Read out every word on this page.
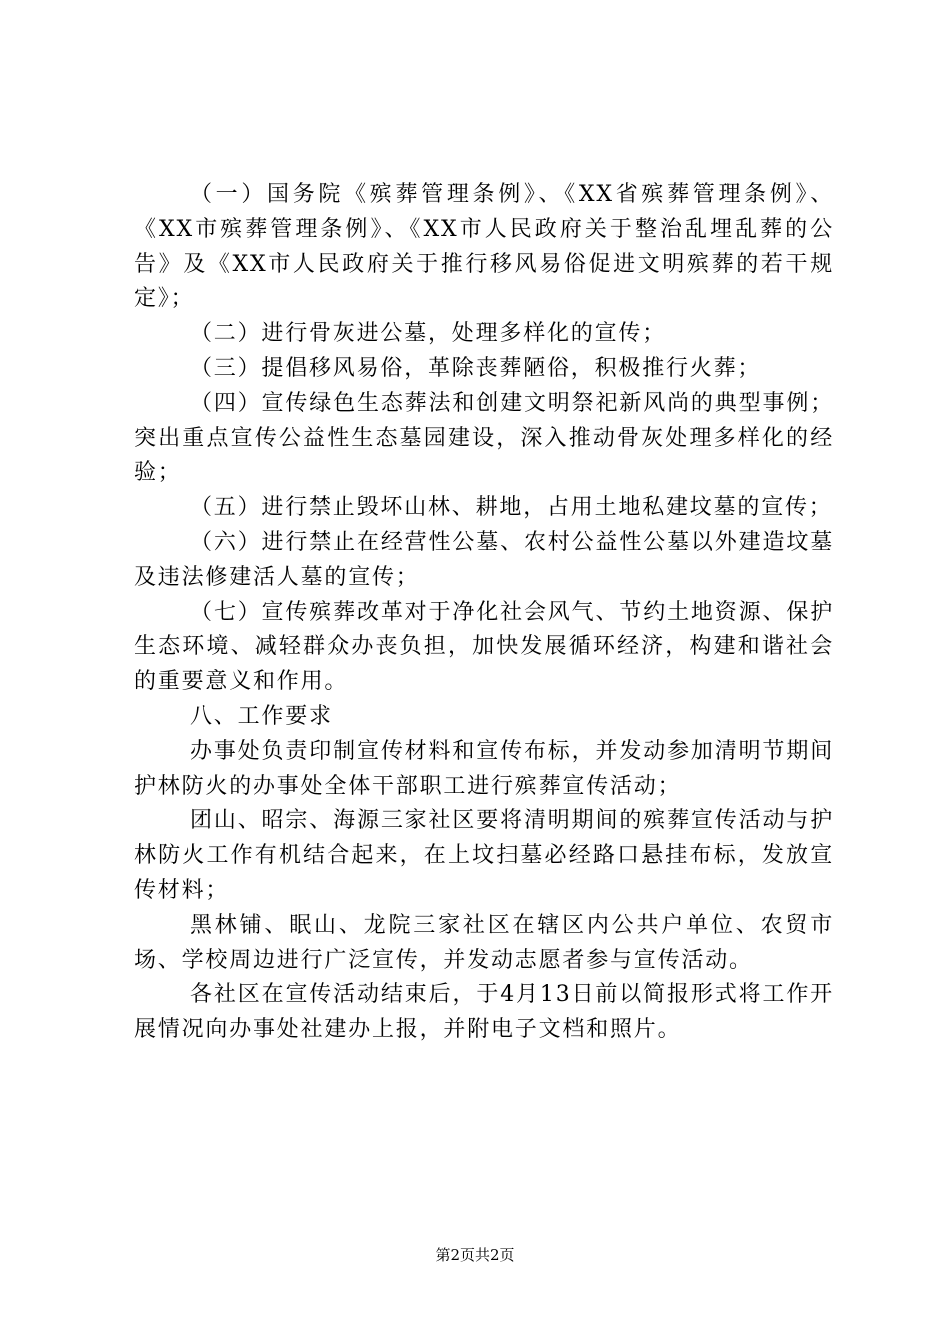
（一）国务院《殡葬管理条例》、《XX省殡葬管理条例》、《XX市殡葬管理条例》、《XX市人民政府关于整治乱埋乱葬的公告》及《XX市人民政府关于推行移风易俗促进文明殡葬的若干规定》；

（二）进行骨灰进公墓，处理多样化的宣传；

（三）提倡移风易俗，革除丧葬陋俗，积极推行火葬；

（四）宣传绿色生态葬法和创建文明祭祀新风尚的典型事例；突出重点宣传公益性生态墓园建设，深入推动骨灰处理多样化的经验；

（五）进行禁止毁坏山林、耕地，占用土地私建坟墓的宣传；

（六）进行禁止在经营性公墓、农村公益性公墓以外建造坟墓及违法修建活人墓的宣传；

（七）宣传殡葬改革对于净化社会风气、节约土地资源、保护生态环境、减轻群众办丧负担，加快发展循环经济，构建和谐社会的重要意义和作用。

八、工作要求

办事处负责印制宣传材料和宣传布标，并发动参加清明节期间护林防火的办事处全体干部职工进行殡葬宣传活动；

团山、昭宗、海源三家社区要将清明期间的殡葬宣传活动与护林防火工作有机结合起来，在上坟扫墓必经路口悬挂布标，发放宣传材料；

黑林铺、眠山、龙院三家社区在辖区内公共户单位、农贸市场、学校周边进行广泛宣传，并发动志愿者参与宣传活动。

各社区在宣传活动结束后，于4月13日前以简报形式将工作开展情况向办事处社建办上报，并附电子文档和照片。

第2页共2页
